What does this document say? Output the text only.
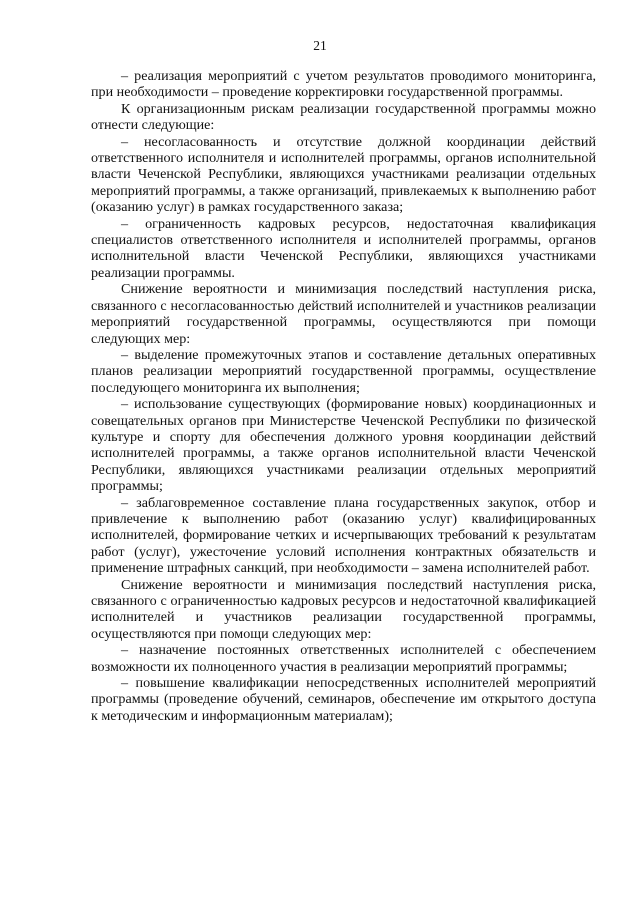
21

– реализация мероприятий с учетом результатов проводимого мониторинга, при необходимости – проведение корректировки государственной программы.

К организационным рискам реализации государственной программы можно отнести следующие:

– несогласованность и отсутствие должной координации действий ответственного исполнителя и исполнителей программы, органов исполнительной власти Чеченской Республики, являющихся участниками реализации отдельных мероприятий программы, а также организаций, привлекаемых к выполнению работ (оказанию услуг) в рамках государственного заказа;

– ограниченность кадровых ресурсов, недостаточная квалификация специалистов ответственного исполнителя и исполнителей программы, органов исполнительной власти Чеченской Республики, являющихся участниками реализации программы.

Снижение вероятности и минимизация последствий наступления риска, связанного с несогласованностью действий исполнителей и участников реализации мероприятий государственной программы, осуществляются при помощи следующих мер:

– выделение промежуточных этапов и составление детальных оперативных планов реализации мероприятий государственной программы, осуществление последующего мониторинга их выполнения;

– использование существующих (формирование новых) координационных и совещательных органов при Министерстве Чеченской Республики по физической культуре и спорту для обеспечения должного уровня координации действий исполнителей программы, а также органов исполнительной власти Чеченской Республики, являющихся участниками реализации отдельных мероприятий программы;

– заблаговременное составление плана государственных закупок, отбор и привлечение к выполнению работ (оказанию услуг) квалифицированных исполнителей, формирование четких и исчерпывающих требований к результатам работ (услуг), ужесточение условий исполнения контрактных обязательств и применение штрафных санкций, при необходимости – замена исполнителей работ.

Снижение вероятности и минимизация последствий наступления риска, связанного с ограниченностью кадровых ресурсов и недостаточной квалификацией исполнителей и участников реализации государственной программы, осуществляются при помощи следующих мер:

– назначение постоянных ответственных исполнителей с обеспечением возможности их полноценного участия в реализации мероприятий программы;

– повышение квалификации непосредственных исполнителей мероприятий программы (проведение обучений, семинаров, обеспечение им открытого доступа к методическим и информационным материалам);
